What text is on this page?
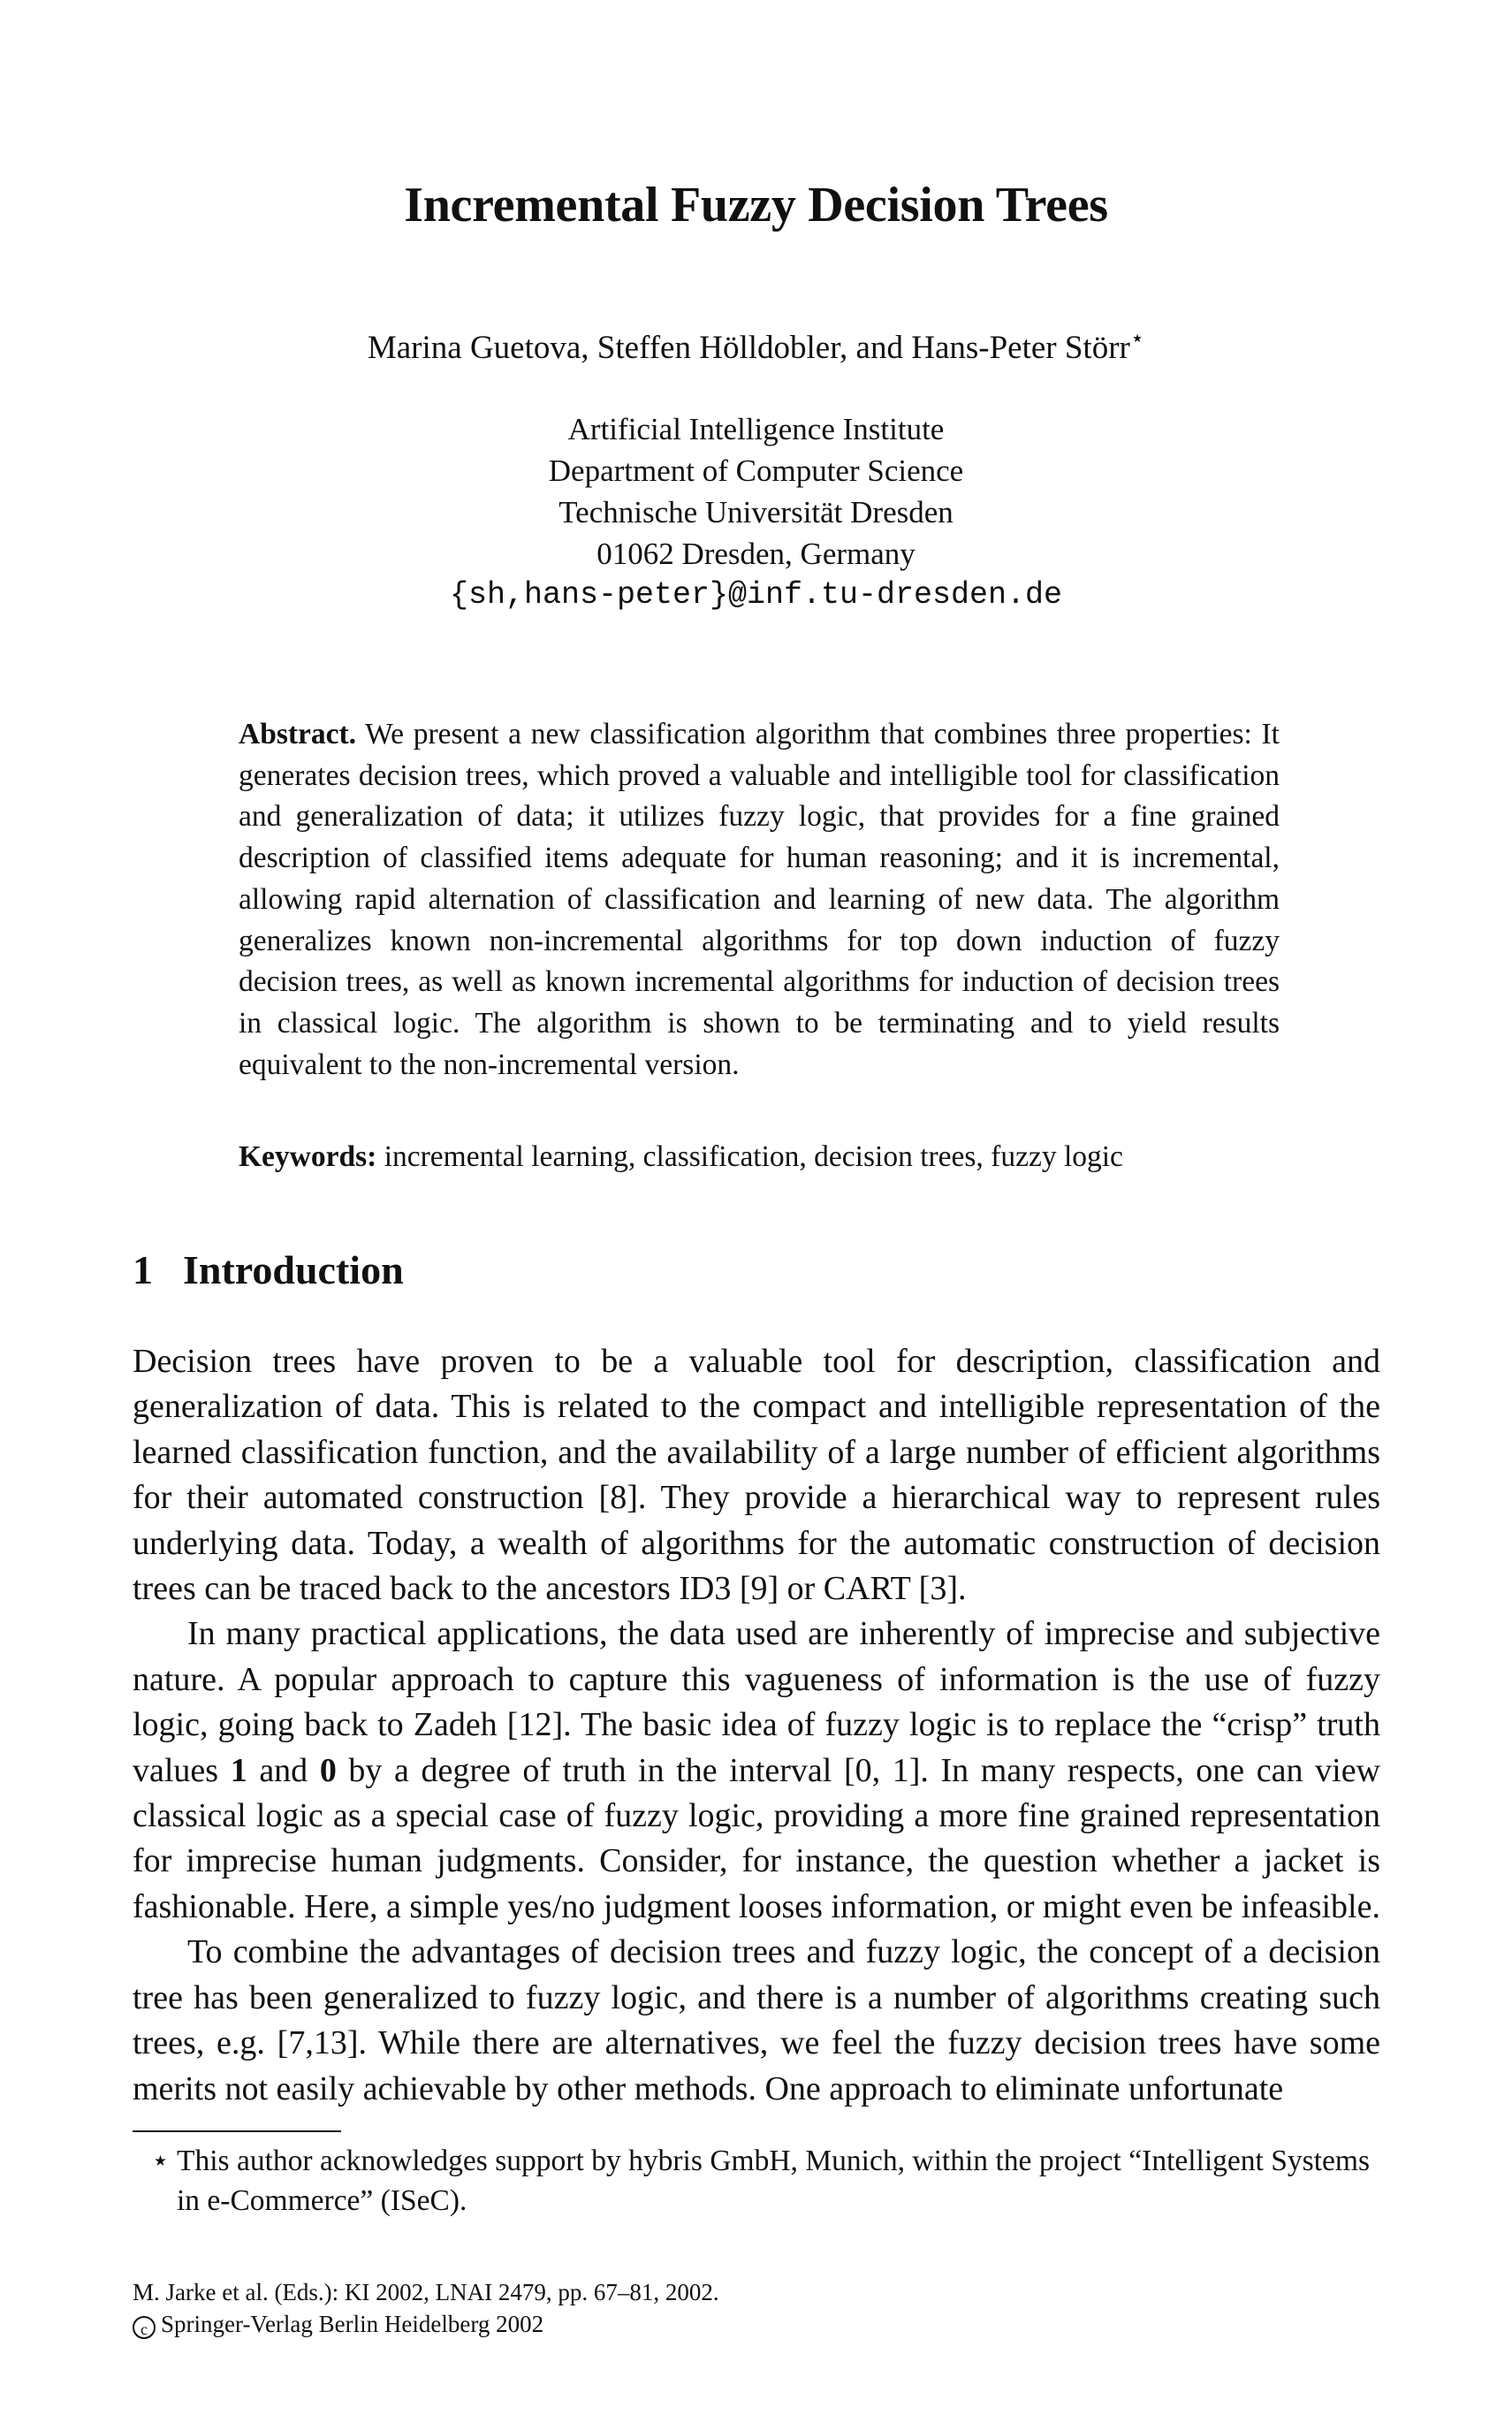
Incremental Fuzzy Decision Trees
Marina Guetova, Steffen Hölldobler, and Hans-Peter Störr⋆
Artificial Intelligence Institute
Department of Computer Science
Technische Universität Dresden
01062 Dresden, Germany
{sh,hans-peter}@inf.tu-dresden.de
Abstract. We present a new classification algorithm that combines three properties: It generates decision trees, which proved a valuable and intelligible tool for classification and generalization of data; it utilizes fuzzy logic, that provides for a fine grained description of classified items adequate for human reasoning; and it is incremental, allowing rapid alternation of classification and learning of new data. The algorithm generalizes known non-incremental algorithms for top down induction of fuzzy decision trees, as well as known incremental algorithms for induction of decision trees in classical logic. The algorithm is shown to be terminating and to yield results equivalent to the non-incremental version.
Keywords: incremental learning, classification, decision trees, fuzzy logic
1 Introduction

Decision trees have proven to be a valuable tool for description, classification and generalization of data. This is related to the compact and intelligible representation of the learned classification function, and the availability of a large number of efficient algorithms for their automated construction [8]. They provide a hierarchical way to represent rules underlying data. Today, a wealth of algorithms for the automatic construction of decision trees can be traced back to the ancestors ID3 [9] or CART [3].

In many practical applications, the data used are inherently of imprecise and subjective nature. A popular approach to capture this vagueness of information is the use of fuzzy logic, going back to Zadeh [12]. The basic idea of fuzzy logic is to replace the “crisp” truth values 1 and 0 by a degree of truth in the interval [0, 1]. In many respects, one can view classical logic as a special case of fuzzy logic, providing a more fine grained representation for imprecise human judgments. Consider, for instance, the question whether a jacket is fashionable. Here, a simple yes/no judgment looses information, or might even be infeasible.

To combine the advantages of decision trees and fuzzy logic, the concept of a decision tree has been generalized to fuzzy logic, and there is a number of algorithms creating such trees, e.g. [7,13]. While there are alternatives, we feel the fuzzy decision trees have some merits not easily achievable by other methods. One approach to eliminate unfortunate

⋆ This author acknowledges support by hybris GmbH, Munich, within the project “Intelligent Systems in e-Commerce” (ISeC).
M. Jarke et al. (Eds.): KI 2002, LNAI 2479, pp. 67–81, 2002.
c Springer-Verlag Berlin Heidelberg 2002
